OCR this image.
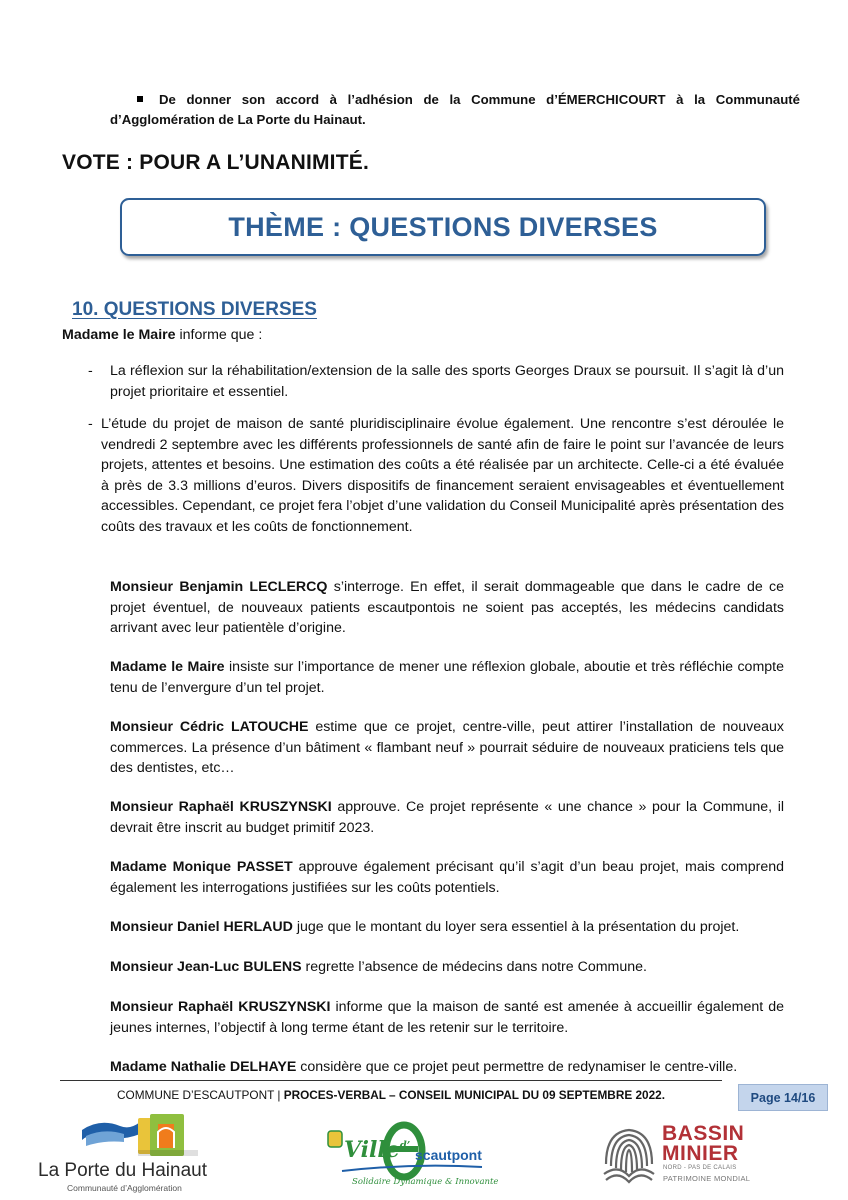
De donner son accord à l’adhésion de la Commune d’ÉMERCHICOURT à la Communauté d’Agglomération de La Porte du Hainaut.
VOTE : POUR A L’UNANIMITÉ.
THÈME : QUESTIONS DIVERSES
10. QUESTIONS DIVERSES
Madame le Maire informe que :
- La réflexion sur la réhabilitation/extension de la salle des sports Georges Draux se poursuit. Il s’agit là d’un projet prioritaire et essentiel.
- L’étude du projet de maison de santé pluridisciplinaire évolue également. Une rencontre s’est déroulée le vendredi 2 septembre avec les différents professionnels de santé afin de faire le point sur l’avancée de leurs projets, attentes et besoins. Une estimation des coûts a été réalisée par un architecte. Celle-ci a été évaluée à près de 3.3 millions d’euros. Divers dispositifs de financement seraient envisageables et éventuellement accessibles. Cependant, ce projet fera l’objet d’une validation du Conseil Municipalité après présentation des coûts des travaux et les coûts de fonctionnement.
Monsieur Benjamin LECLERCQ s’interroge. En effet, il serait dommageable que dans le cadre de ce projet éventuel, de nouveaux patients escautpontois ne soient pas acceptés, les médecins candidats arrivant avec leur patientèle d’origine.
Madame le Maire insiste sur l’importance de mener une réflexion globale, aboutie et très réfléchie compte tenu de l’envergure d’un tel projet.
Monsieur Cédric LATOUCHE estime que ce projet, centre-ville, peut attirer l’installation de nouveaux commerces. La présence d’un bâtiment « flambant neuf » pourrait séduire de nouveaux praticiens tels que des dentistes, etc…
Monsieur Raphaël KRUSZYNSKI approuve. Ce projet représente « une chance » pour la Commune, il devrait être inscrit au budget primitif 2023.
Madame Monique PASSET approuve également précisant qu’il s’agit d’un beau projet, mais comprend également les interrogations justifiées sur les coûts potentiels.
Monsieur Daniel HERLAUD juge que le montant du loyer sera essentiel à la présentation du projet.
Monsieur Jean-Luc BULENS regrette l’absence de médecins dans notre Commune.
Monsieur Raphaël KRUSZYNSKI informe que la maison de santé est amenée à accueillir également de jeunes internes, l’objectif à long terme étant de les retenir sur le territoire.
Madame Nathalie DELHAYE considère que ce projet peut permettre de redynamiser le centre-ville.
COMMUNE D’ESCAUTPONT | PROCES-VERBAL – CONSEIL MUNICIPAL DU 09 SEPTEMBRE 2022.	Page 14/16
La Porte du Hainaut
Communauté d’Agglomération
Ville$^{d’}$
scautpont
Solidaire Dynamique & Innovante
BASSIN
MINIER
NORD - PAS DE CALAIS
PATRIMOINE MONDIAL
